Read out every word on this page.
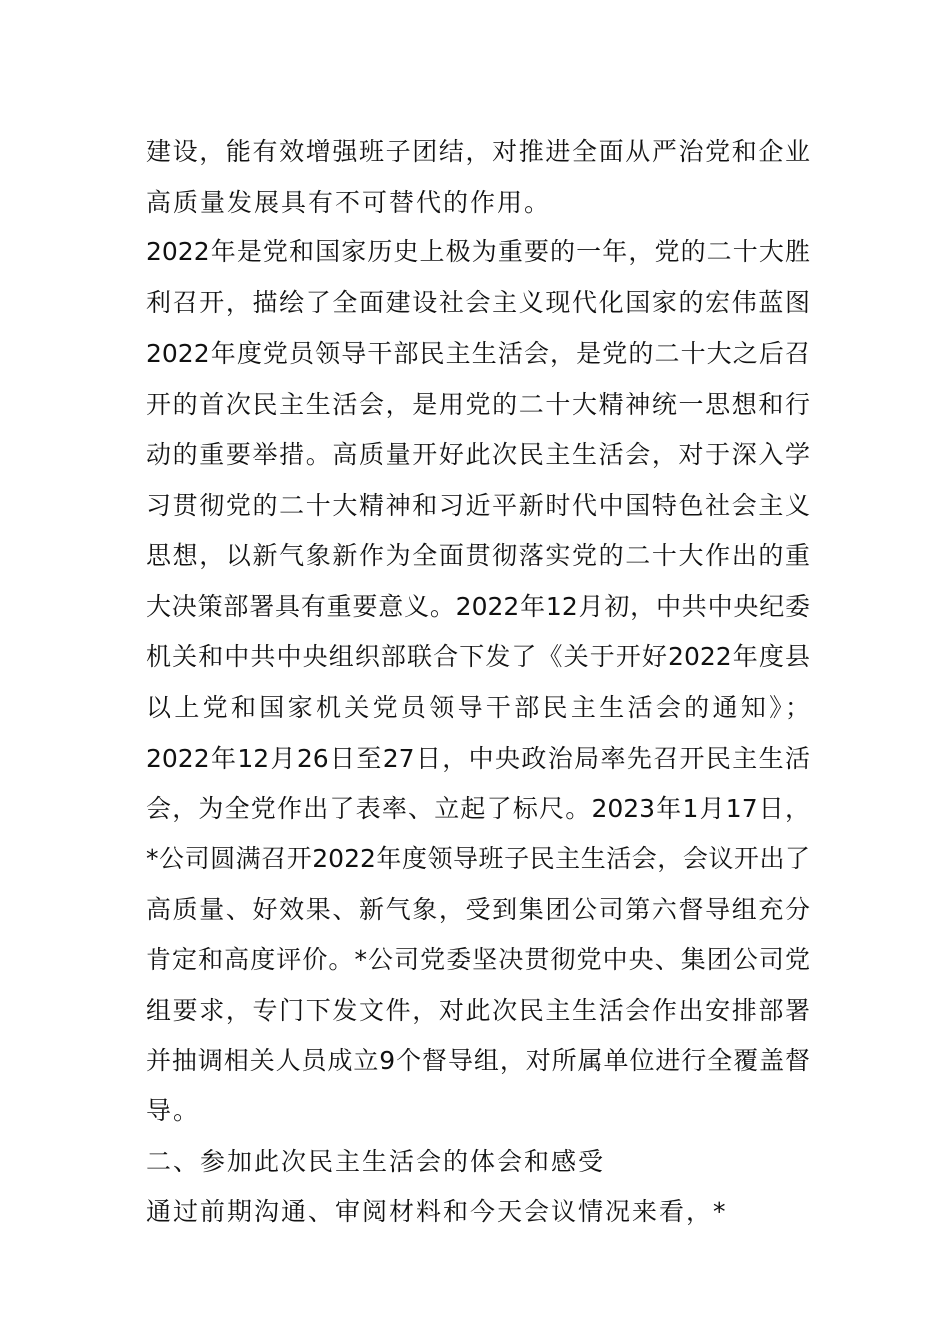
建设，能有效增强班子团结，对推进全面从严治党和企业
高质量发展具有不可替代的作用。
2022年是党和国家历史上极为重要的一年，党的二十大胜
利召开，描绘了全面建设社会主义现代化国家的宏伟蓝图
2022年度党员领导干部民主生活会，是党的二十大之后召
开的首次民主生活会，是用党的二十大精神统一思想和行
动的重要举措。高质量开好此次民主生活会，对于深入学
习贯彻党的二十大精神和习近平新时代中国特色社会主义
思想，以新气象新作为全面贯彻落实党的二十大作出的重
大决策部署具有重要意义。2022年12月初，中共中央纪委
机关和中共中央组织部联合下发了《关于开好2022年度县
以上党和国家机关党员领导干部民主生活会的通知》；
2022年12月26日至27日，中央政治局率先召开民主生活
会，为全党作出了表率、立起了标尺。2023年1月17日，
*公司圆满召开2022年度领导班子民主生活会，会议开出了
高质量、好效果、新气象，受到集团公司第六督导组充分
肯定和高度评价。*公司党委坚决贯彻党中央、集团公司党
组要求，专门下发文件，对此次民主生活会作出安排部署
并抽调相关人员成立9个督导组，对所属单位进行全覆盖督
导。
二、参加此次民主生活会的体会和感受
通过前期沟通、审阅材料和今天会议情况来看，*
